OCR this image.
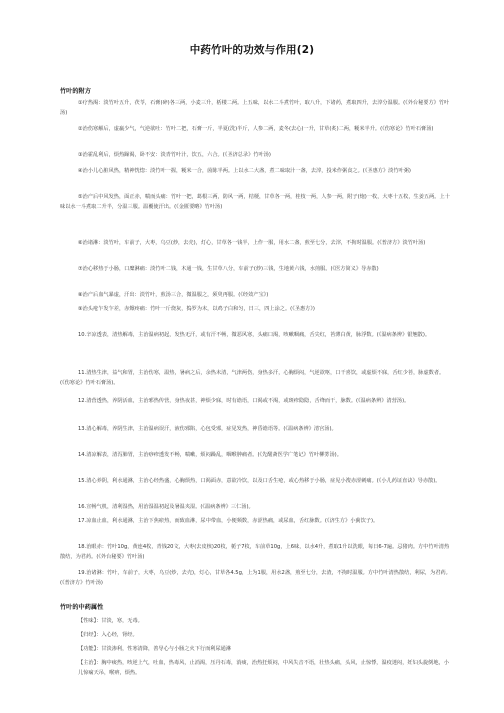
中药竹叶的功效与作用(2)
竹叶的附方
①疗热渴：淡竹叶五升，茯苓，石膏(碎)各三两，小麦三升，栝楼二两。上五味，以水二斗煮竹叶，取八升，下诸药，煮取四升，去滓分温服。(《外台秘要方》竹叶汤)
②治伤寒解后，虚羸少气，气逆欲吐：竹叶二把，石膏一斤，半夏(洗)半斤，人参二两，麦冬(去心)一升，甘草(炙)二两，粳米半升。(《伤寒论》竹叶石膏汤)
③治霍乱利后，烦热躁渴，卧不安：淡青竹叶汁，饮五，六合。(《圣济总录》竹叶汤)
④治小儿心脏风热，精神恍惚：淡竹叶一握，粳米一合，茵陈半两。上以水二大盏，煮二味取汁一盏，去滓，投米作粥食之。(《圣惠方》淡竹叶粥)
⑤治产后中风发热，面正赤，喘而头痛：竹叶一把，葛根三两，防风一两，桔梗，甘草各一两，桂枝一两，人参一两，附子(炮)一枚，大枣十五枚，生姜五两。上十味以水一斗煮取二升半，分温三服。温覆使汗出。(《金匮要略》竹叶汤)
⑥治诸淋：淡竹叶，车前子，大枣，乌豆(炒，去壳)，灯心，甘草各一钱半，上作一服，用水二盏，煎至七分，去滓，不拘时温服。(《普济方》淡竹叶汤)
⑦治心移热于小肠，口糜淋痛：淡竹叶二钱，木通一钱，生甘草八分，车前子(炒)三钱，生地黄六钱，水煎服。(《医方简义》导赤散)
⑧治产后血气暴虚，汗出：淡竹叶，煎汤三合，微温服之，须臾再服。(《经效产宝》)
⑨治头疮乍发乍差，赤焮疼痛：竹叶一斤烧灰，捣罗为末，以鸡子白和匀，日三，四上涂之。(《圣惠方》)
10.辛凉透表，清热解毒，主治温病初起，发热无汗，或有汗不畅，微恶风寒，头痛口渴，咳嗽咽痛，舌尖红，苔薄白黄，脉浮数。(《温病条辨》银翘散)。
11.清热生津，益气和胃，主治伤寒，温热，暑病之后，余热未清，气津两伤，身热多汗，心胸烦闷，气逆欲呕，口干喜饮，或虚烦不寐，舌红少苔，脉虚数者。(《伤寒论》竹叶石膏汤)。
12.清营透热，养阴活血，主治邪热传营，身热夜甚，神烦少寐，时有谵语，口渴或不渴，或斑疹隐隐，舌绛而干，脉数。(《温病条辨》清营汤)。
13.清心解毒，养阴生津，主治温病误汗，液伤邪陷，心包受邪，症见发热，神昏谵语等。(《温病条辨》清宫汤)。
14.清凉解表，清泻肺胃，主治痧疹透发不畅，喘嗽，烦闷躁乱，咽喉肿痛者。(《先醒斋医学广笔记》竹叶柳蒡汤)。
15.清心养阴，利水通淋，主治心经热盛，心胸烦热，口渴面赤，意欲冷饮，以及口舌生疮，或心热移于小肠，症见小溲赤涩刺痛。(《小儿药证直诀》导赤散)。
16.宣畅气机，清利湿热，用治湿温初起及暑温夹湿。(《温病条辨》三仁汤)。
17.凉血止血，利水通淋，主治下焦瘀热，而致血淋，尿中带血，小便频数，赤涩热痛，或尿血，舌红脉数。(《济生方》小蓟饮子)。
18.治眼赤：竹叶10g，黄连4枚，青钱20文，大枣(去皮核)20枚，栀子7枚，车前草10g，上6味，以水4升，煮取1升以洗眼，每日6-7遍。忌猪肉。方中竹叶清热散结，为君药。(《外台秘要》竹叶汤)
19.治诸淋：竹叶，车前子，大枣，乌豆(炒，去壳)，灯心，甘草各4.5g，上为1服，用水2盏，煎至七分，去渣，不拘时温服。方中竹叶清热散结，利尿，为君药。(《普济方》竹叶汤)
竹叶的中药属性
【性味】：甘淡，寒，无毒。
【归经】：入心经，肾经。
【功能】：甘淡渗利，性寒清降，善导心与小肠之火下行而利尿通淋
【主治】：胸中痰热，咳逆上气，吐血，热毒风，止消渴，压丹石毒，消痰，治热狂烦闷，中风失音不语，壮热头痛，头风，止惊悸，温疫迷闷，妊妇头旋倒地，小儿惊痫天吊，喉痹，烦热。
